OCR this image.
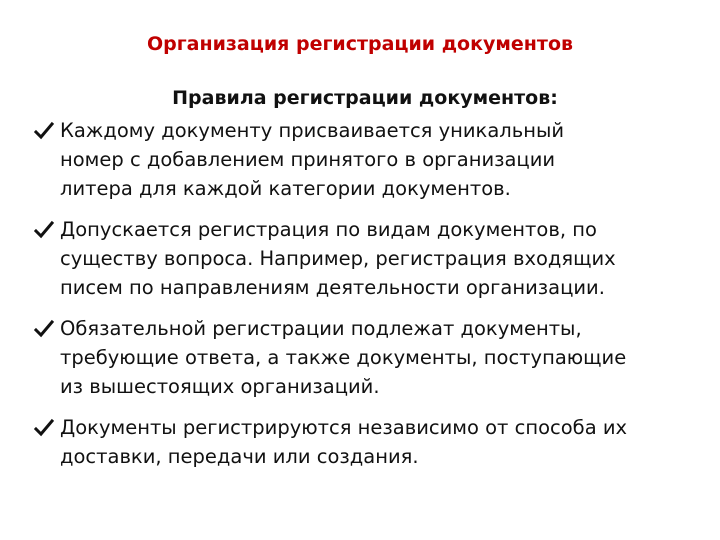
Организация регистрации документов
Правила регистрации документов:
Каждому документу присваивается уникальный
номер с добавлением принятого в организации
литера для каждой категории документов.
Допускается регистрация по видам документов, по
существу вопроса. Например, регистрация входящих
писем по направлениям деятельности организации.
Обязательной регистрации подлежат документы,
требующие ответа, а также документы, поступающие
из вышестоящих организаций.
Документы регистрируются независимо от способа их
доставки, передачи или создания.
